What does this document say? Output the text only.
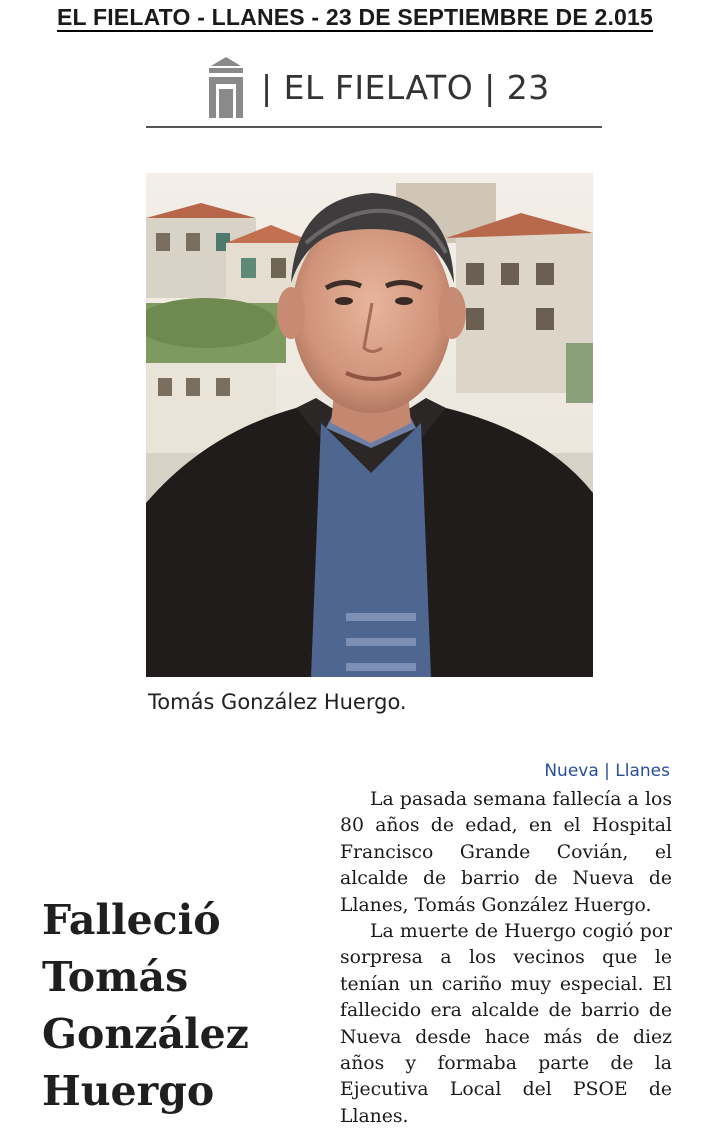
EL FIELATO - LLANES - 23 DE SEPTIEMBRE DE 2.015
| EL FIELATO | 23
Tomás González Huergo.
Nueva | Llanes

La pasada semana fallecía a los 80 años de edad, en el Hospital Francisco Grande Covián, el alcalde de barrio de Nueva de Llanes, Tomás González Huergo.

La muerte de Huergo cogió por sorpresa a los vecinos que le tenían un cariño muy especial. El fallecido era alcalde de barrio de Nueva desde hace más de diez años y formaba parte de la Ejecutiva Local del PSOE de Llanes.

Falleció
Tomás
González
Huergo
